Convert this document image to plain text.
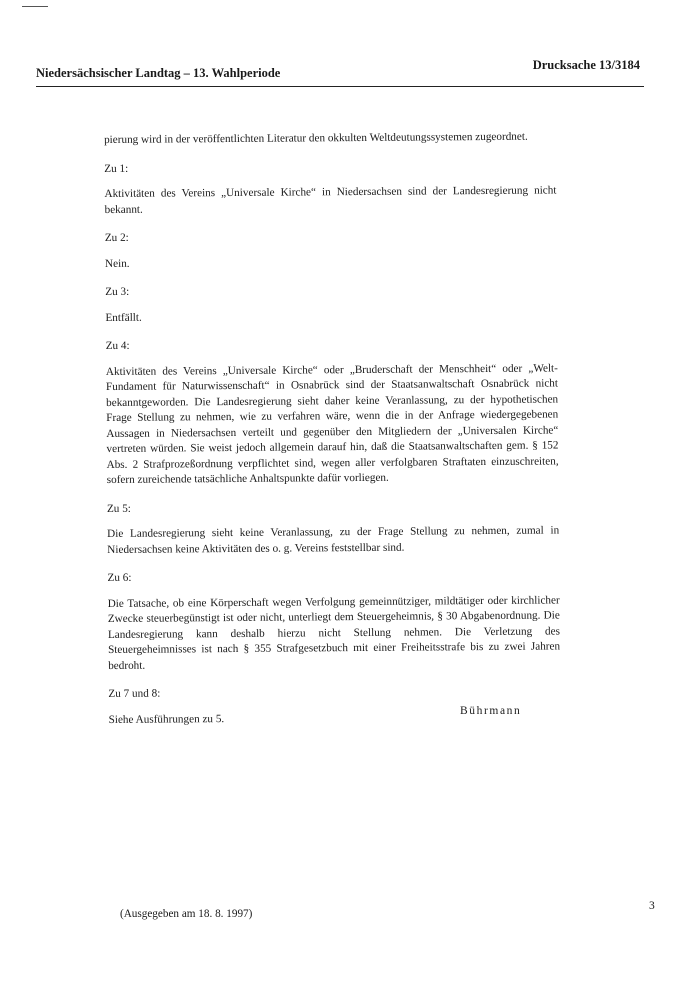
Niedersächsischer Landtag – 13. Wahlperiode
Drucksache 13/3184

pierung wird in der veröffentlichten Literatur den okkulten Weltdeutungssystemen zugeordnet.

Zu 1:

Aktivitäten des Vereins „Universale Kirche“ in Niedersachsen sind der Landesregierung nicht bekannt.

Zu 2:

Nein.

Zu 3:

Entfällt.

Zu 4:

Aktivitäten des Vereins „Universale Kirche“ oder „Bruderschaft der Menschheit“ oder „Welt-Fundament für Naturwissenschaft“ in Osnabrück sind der Staatsanwaltschaft Osnabrück nicht bekanntgeworden. Die Landesregierung sieht daher keine Veranlassung, zu der hypothetischen Frage Stellung zu nehmen, wie zu verfahren wäre, wenn die in der Anfrage wiedergegebenen Aussagen in Niedersachsen verteilt und gegenüber den Mitgliedern der „Universalen Kirche“ vertreten würden. Sie weist jedoch allgemein darauf hin, daß die Staatsanwaltschaften gem. § 152 Abs. 2 Strafprozeßordnung verpflichtet sind, wegen aller verfolgbaren Straftaten einzuschreiten, sofern zureichende tatsächliche Anhaltspunkte dafür vorliegen.

Zu 5:

Die Landesregierung sieht keine Veranlassung, zu der Frage Stellung zu nehmen, zumal in Niedersachsen keine Aktivitäten des o. g. Vereins feststellbar sind.

Zu 6:

Die Tatsache, ob eine Körperschaft wegen Verfolgung gemeinnütziger, mildtätiger oder kirchlicher Zwecke steuerbegünstigt ist oder nicht, unterliegt dem Steuergeheimnis, § 30 Abgabenordnung. Die Landesregierung kann deshalb hierzu nicht Stellung nehmen. Die Verletzung des Steuergeheimnisses ist nach § 355 Strafgesetzbuch mit einer Freiheitsstrafe bis zu zwei Jahren bedroht.

Zu 7 und 8:

Siehe Ausführungen zu 5.

Bührmann
(Ausgegeben am 18. 8. 1997)
3
